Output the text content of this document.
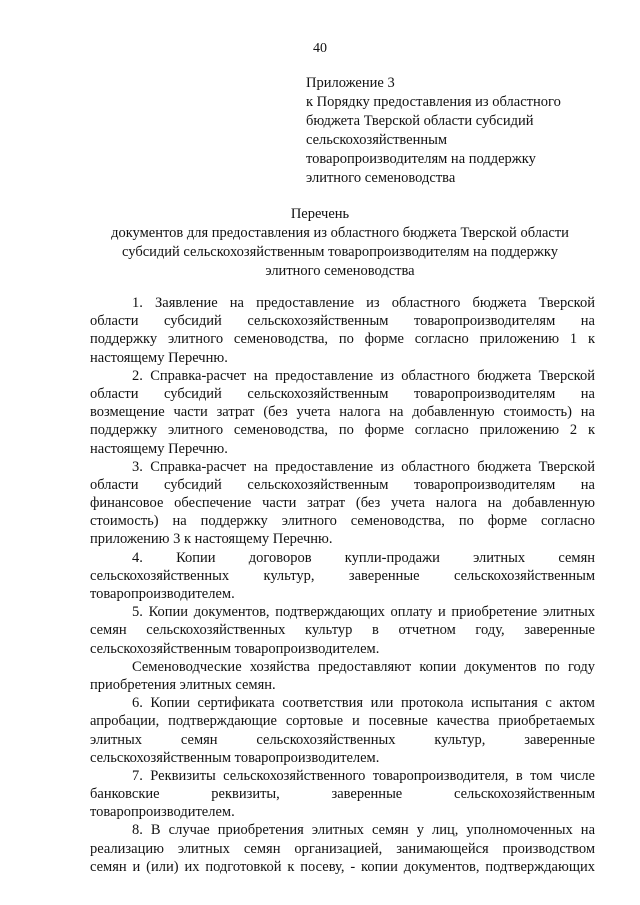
40
Приложение 3
к Порядку предоставления из областного
бюджета Тверской области субсидий
сельскохозяйственным
товаропроизводителям на поддержку
элитного семеноводства
Перечень
документов для предоставления из областного бюджета Тверской области
субсидий сельскохозяйственным товаропроизводителям на поддержку
элитного семеноводства
1. Заявление на предоставление из областного бюджета Тверской
области субсидий сельскохозяйственным товаропроизводителям на
поддержку элитного семеноводства, по форме согласно приложению 1 к
настоящему Перечню.
2. Справка-расчет на предоставление из областного бюджета Тверской
области субсидий сельскохозяйственным товаропроизводителям на
возмещение части затрат (без учета налога на добавленную стоимость) на
поддержку элитного семеноводства, по форме согласно приложению 2 к
настоящему Перечню.
3. Справка-расчет на предоставление из областного бюджета Тверской
области субсидий сельскохозяйственным товаропроизводителям на
финансовое обеспечение части затрат (без учета налога на добавленную
стоимость) на поддержку элитного семеноводства, по форме согласно
приложению 3 к настоящему Перечню.
4. Копии договоров купли-продажи элитных семян
сельскохозяйственных культур, заверенные сельскохозяйственным
товаропроизводителем.
5. Копии документов, подтверждающих оплату и приобретение элитных
семян сельскохозяйственных культур в отчетном году, заверенные
сельскохозяйственным товаропроизводителем.
Семеноводческие хозяйства предоставляют копии документов по году
приобретения элитных семян.
6. Копии сертификата соответствия или протокола испытания с актом
апробации, подтверждающие сортовые и посевные качества приобретаемых
элитных семян сельскохозяйственных культур, заверенные
сельскохозяйственным товаропроизводителем.
7. Реквизиты сельскохозяйственного товаропроизводителя, в том числе
банковские реквизиты, заверенные сельскохозяйственным
товаропроизводителем.
8. В случае приобретения элитных семян у лиц, уполномоченных на
реализацию элитных семян организацией, занимающейся производством
семян и (или) их подготовкой к посеву, - копии документов, подтверждающих
